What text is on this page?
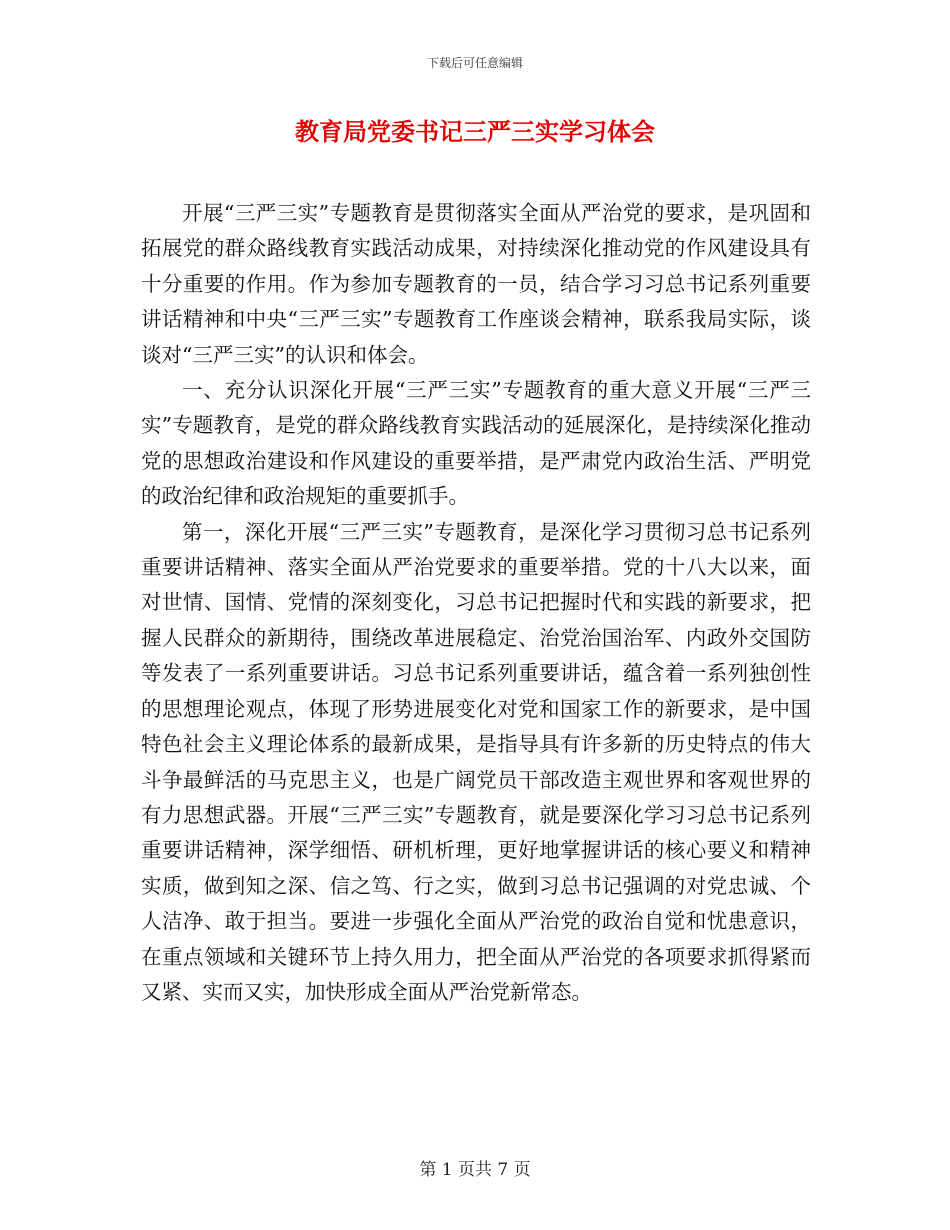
下载后可任意编辑
教育局党委书记三严三实学习体会

开展“三严三实”专题教育是贯彻落实全面从严治党的要求，是巩固和拓展党的群众路线教育实践活动成果，对持续深化推动党的作风建设具有十分重要的作用。作为参加专题教育的一员，结合学习习总书记系列重要讲话精神和中央“三严三实”专题教育工作座谈会精神，联系我局实际，谈谈对“三严三实”的认识和体会。

一、充分认识深化开展“三严三实”专题教育的重大意义开展“三严三实”专题教育，是党的群众路线教育实践活动的延展深化，是持续深化推动党的思想政治建设和作风建设的重要举措，是严肃党内政治生活、严明党的政治纪律和政治规矩的重要抓手。

第一，深化开展“三严三实”专题教育，是深化学习贯彻习总书记系列重要讲话精神、落实全面从严治党要求的重要举措。党的十八大以来，面对世情、国情、党情的深刻变化，习总书记把握时代和实践的新要求，把握人民群众的新期待，围绕改革进展稳定、治党治国治军、内政外交国防等发表了一系列重要讲话。习总书记系列重要讲话，蕴含着一系列独创性的思想理论观点，体现了形势进展变化对党和国家工作的新要求，是中国特色社会主义理论体系的最新成果，是指导具有许多新的历史特点的伟大斗争最鲜活的马克思主义，也是广阔党员干部改造主观世界和客观世界的有力思想武器。开展“三严三实”专题教育，就是要深化学习习总书记系列重要讲话精神，深学细悟、研机析理，更好地掌握讲话的核心要义和精神实质，做到知之深、信之笃、行之实，做到习总书记强调的对党忠诚、个人洁净、敢于担当。要进一步强化全面从严治党的政治自觉和忧患意识，在重点领域和关键环节上持久用力，把全面从严治党的各项要求抓得紧而又紧、实而又实，加快形成全面从严治党新常态。

第 1 页共 7 页
